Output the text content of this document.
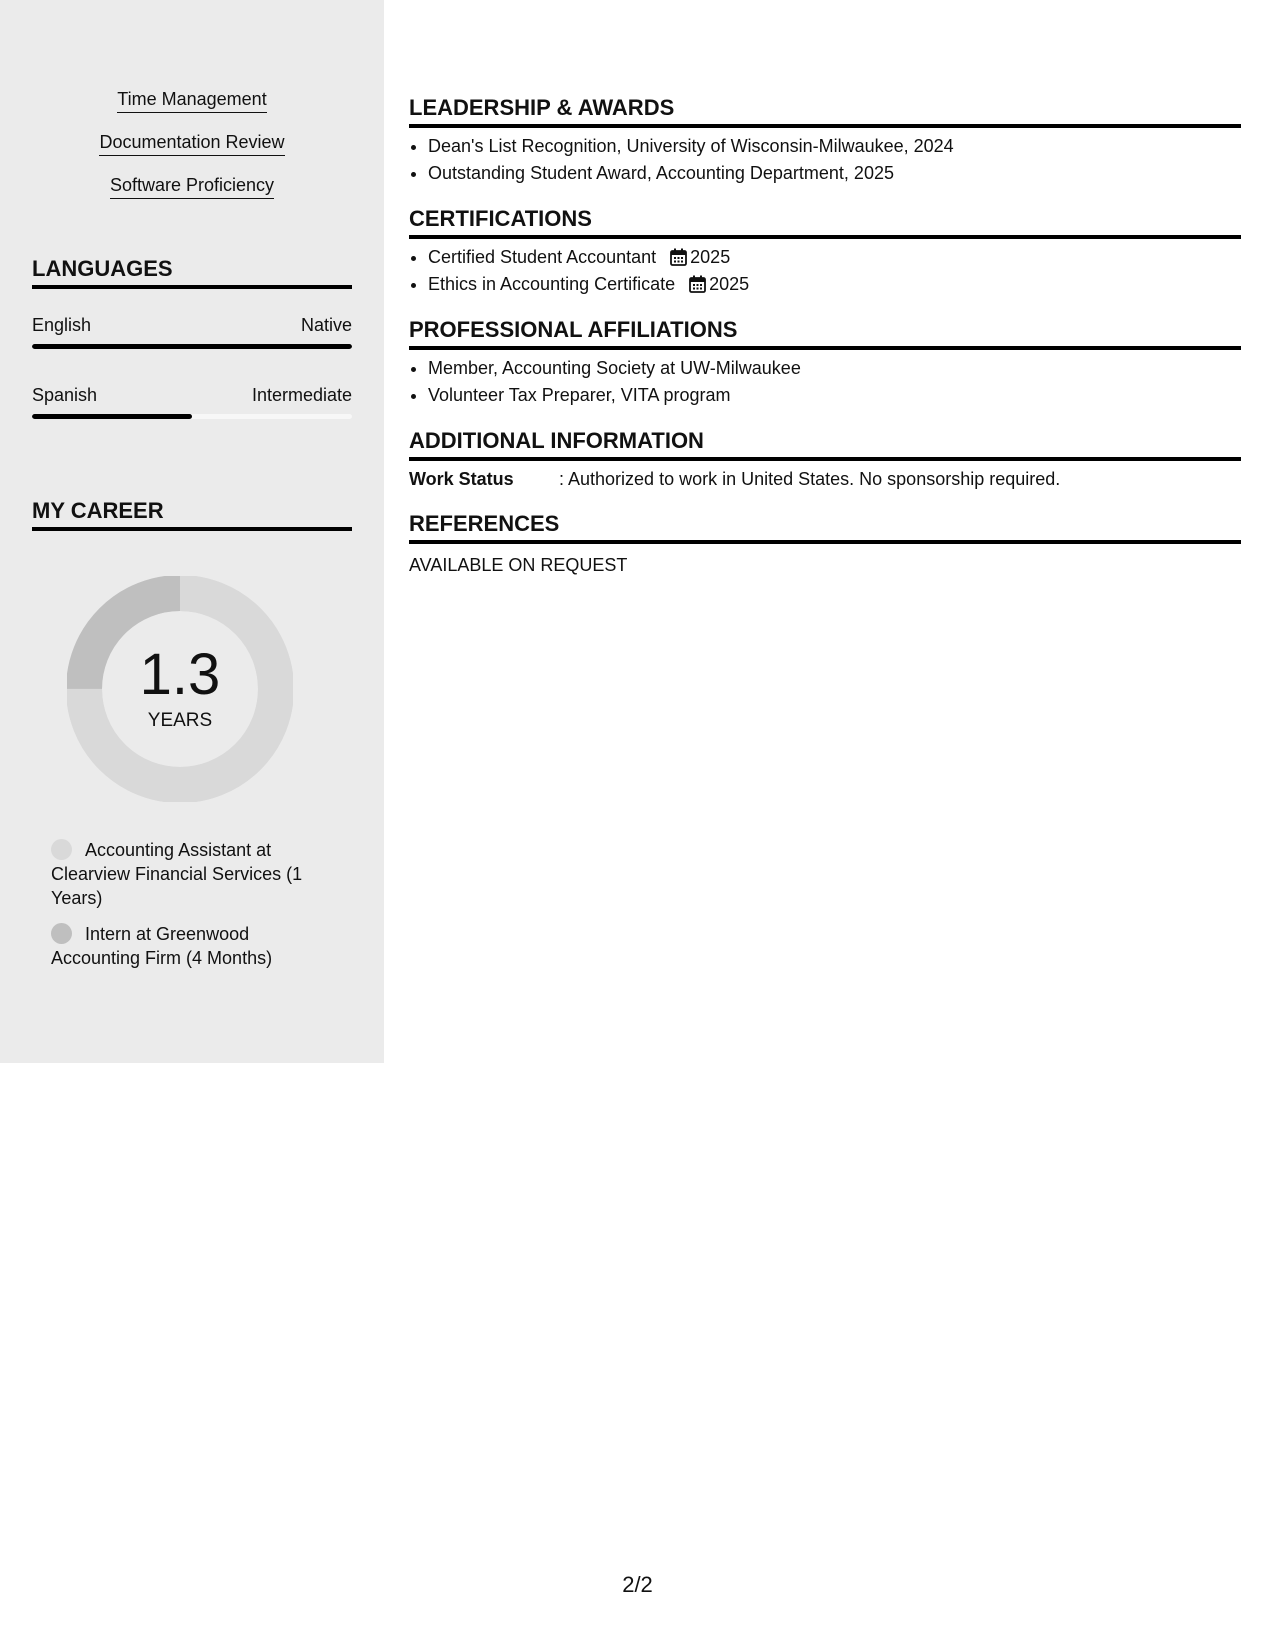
Time Management
Documentation Review
Software Proficiency
LANGUAGES
English	Native
Spanish	Intermediate
MY CAREER
1.3
YEARS
Accounting Assistant at Clearview Financial Services (1 Years)
Intern at Greenwood Accounting Firm (4 Months)
LEADERSHIP & AWARDS
• Dean's List Recognition, University of Wisconsin-Milwaukee, 2024
• Outstanding Student Award, Accounting Department, 2025
CERTIFICATIONS
• Certified Student Accountant 2025
• Ethics in Accounting Certificate 2025
PROFESSIONAL AFFILIATIONS
• Member, Accounting Society at UW-Milwaukee
• Volunteer Tax Preparer, VITA program
ADDITIONAL INFORMATION
Work Status	: Authorized to work in United States. No sponsorship required.
REFERENCES
AVAILABLE ON REQUEST
2/2
